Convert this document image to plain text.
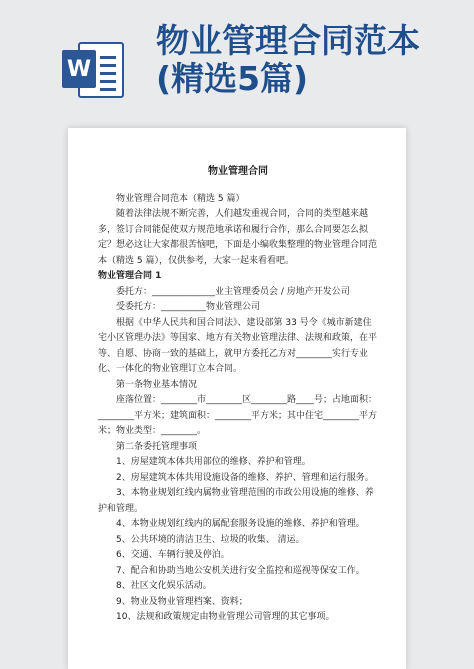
W
物业管理合同范本
(精选5篇)
物业管理合同

物业管理合同范本（精选 5 篇）

随着法律法规不断完善，人们越发重视合同，合同的类型越来越多，签订合同能促使双方规范地承诺和履行合作，那么合同要怎么拟定？想必这让大家都很苦恼吧，下面是小编收集整理的物业管理合同范本（精选 5 篇），仅供参考，大家一起来看看吧。

物业管理合同 1

委托方：______________业主管理委员会 / 房地产开发公司

受委托方：__________物业管理公司

根据《中华人民共和国合同法》、建设部第 33 号令《城市新建住宅小区管理办法》等国家、地方有关物业管理法律、法规和政策，在平等、自愿、协商一致的基础上，就甲方委托乙方对________实行专业化、一体化的物业管理订立本合同。

第一条物业基本情况

座落位置：________市________区________路____号；占地面积：________平方米；建筑面积：________平方米；其中住宅________平方米；物业类型：________。

第二条委托管理事项

1、房屋建筑本体共用部位的维修、养护和管理。

2、房屋建筑本体共用设施设备的维修、养护、管理和运行服务。

3、本物业规划红线内属物业管理范围的市政公用设施的维修、养护和管理。

4、本物业规划红线内的属配套服务设施的维修、养护和管理。

5、公共环境的清洁卫生、垃圾的收集、 清运。

6、交通、车辆行驶及停泊。

7、配合和协助当地公安机关进行安全监控和巡视等保安工作。

8、社区文化娱乐活动。

9、物业及物业管理档案、资料；

10、法规和政策规定由物业管理公司管理的其它事项。
